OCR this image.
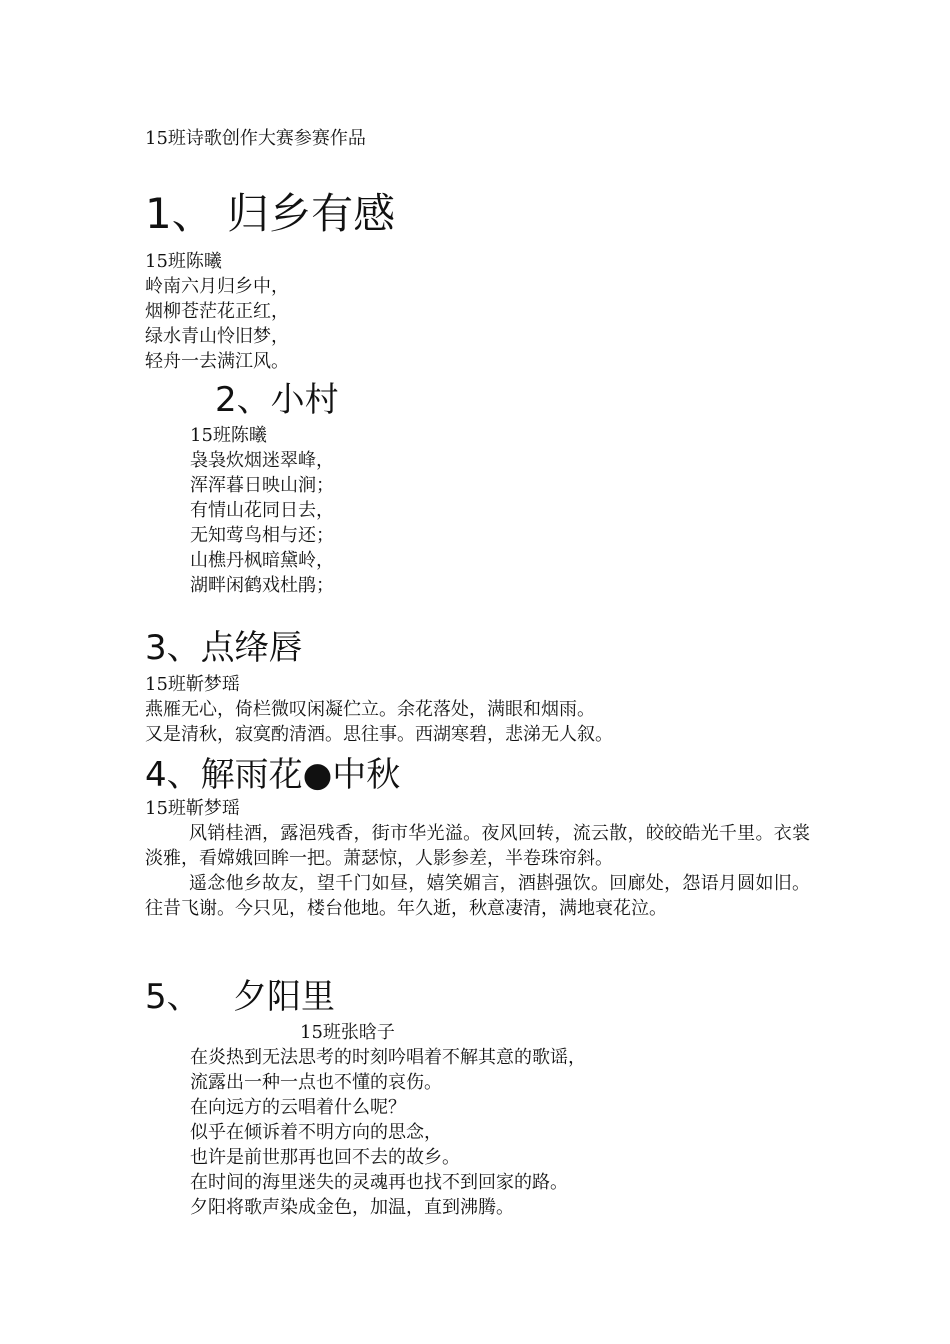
15班诗歌创作大赛参赛作品
1、 归乡有感
15班陈曦
岭南六月归乡中，
烟柳苍茫花正红，
绿水青山怜旧梦，
轻舟一去满江风。
2、小村
15班陈曦
袅袅炊烟迷翠峰，
浑浑暮日映山涧；
有情山花同日去，
无知莺鸟相与还；
山樵丹枫暗黛岭，
湖畔闲鹤戏杜鹃；
3、点绛唇
15班靳梦瑶
燕雁无心，倚栏微叹闲凝伫立。余花落处，满眼和烟雨。
又是清秋，寂寞酌清酒。思往事。西湖寒碧，悲涕无人叙。
4、解雨花●中秋
15班靳梦瑶
风销桂酒，露浥残香，街市华光溢。夜风回转，流云散，皎皎皓光千里。衣裳淡雅，看嫦娥回眸一把。萧瑟惊，人影参差，半卷珠帘斜。
遥念他乡故友，望千门如昼，嬉笑媚言，酒斟强饮。回廊处，怨语月圆如旧。往昔飞谢。今只见，楼台他地。年久逝，秋意凄清，满地衰花泣。
5、   夕阳里
15班张晗子
在炎热到无法思考的时刻吟唱着不解其意的歌谣，
流露出一种一点也不懂的哀伤。
在向远方的云唱着什么呢？
似乎在倾诉着不明方向的思念，
也许是前世那再也回不去的故乡。
在时间的海里迷失的灵魂再也找不到回家的路。
夕阳将歌声染成金色，加温，直到沸腾。
